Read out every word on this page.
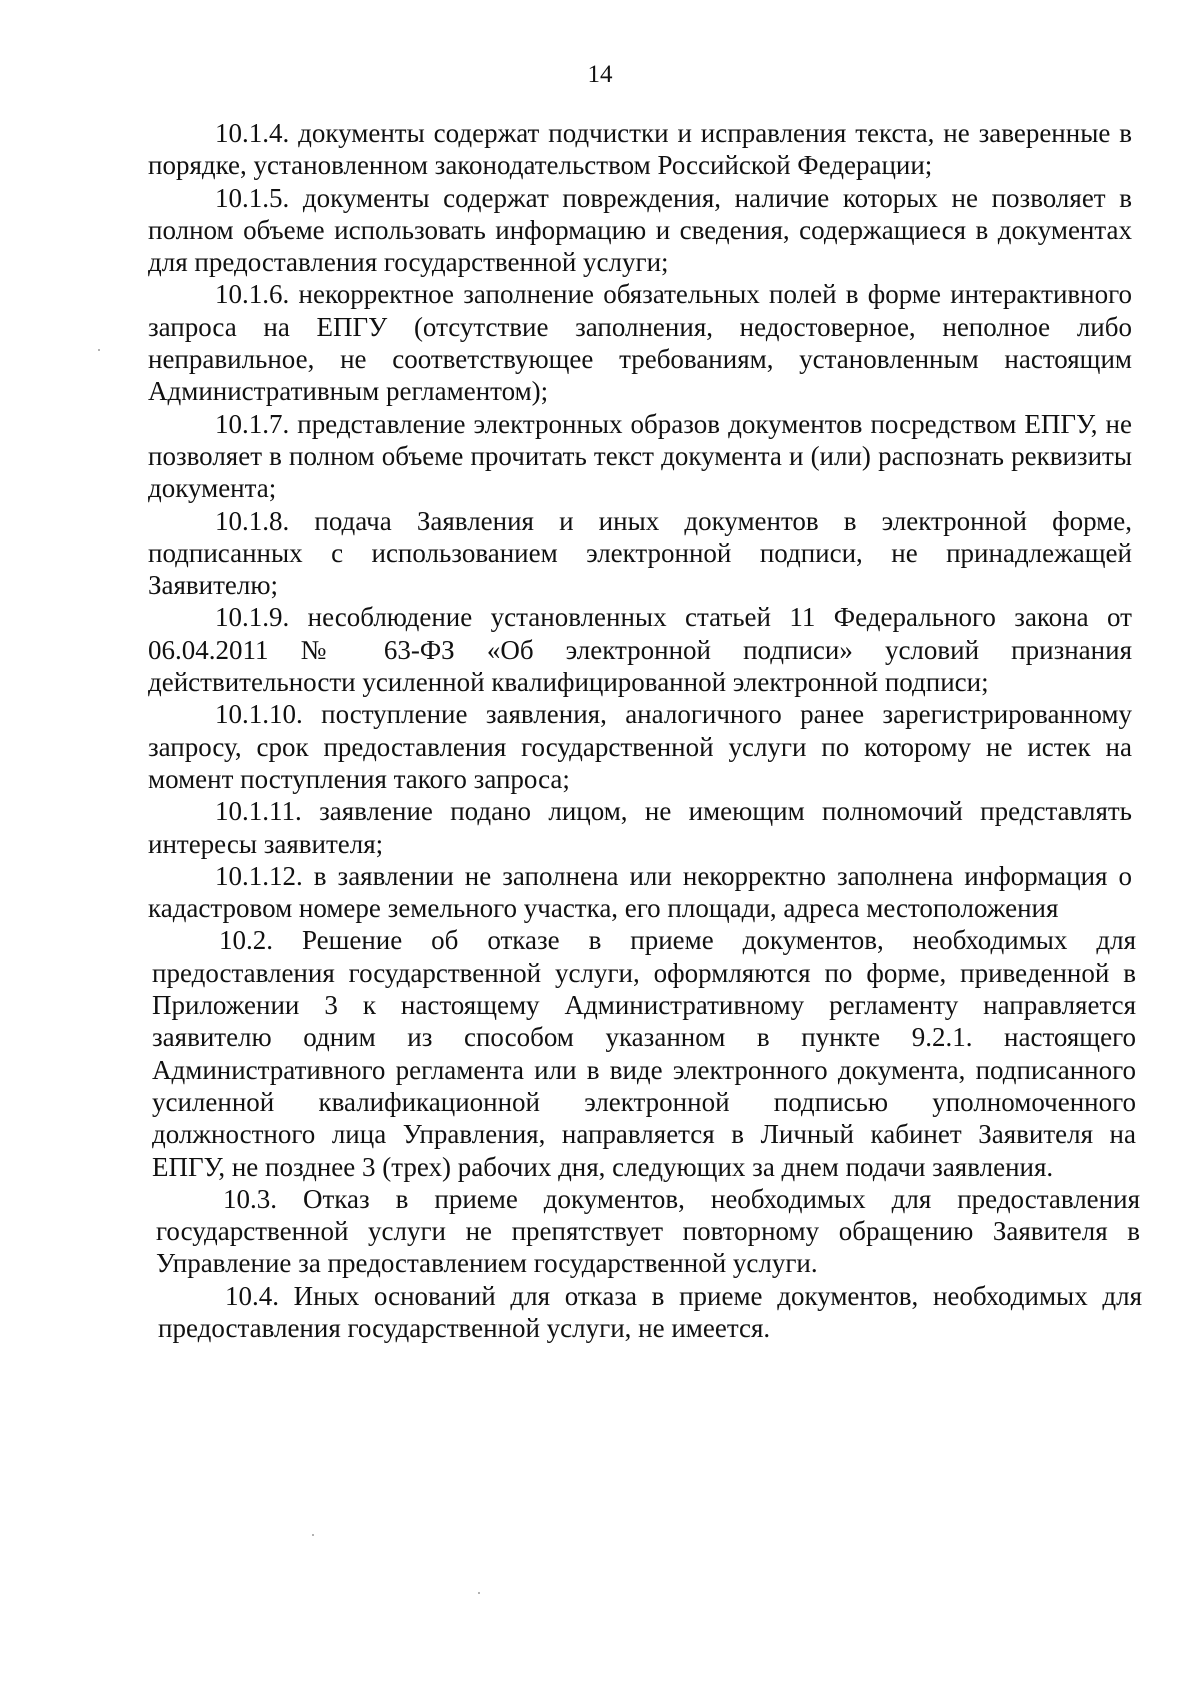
14

10.1.4. документы содержат подчистки и исправления текста, не заверенные в порядке, установленном законодательством Российской Федерации;

10.1.5. документы содержат повреждения, наличие которых не позволяет в полном объеме использовать информацию и сведения, содержащиеся в документах для предоставления государственной услуги;

10.1.6. некорректное заполнение обязательных полей в форме интерактивного запроса на ЕПГУ (отсутствие заполнения, недостоверное, неполное либо неправильное, не соответствующее требованиям, установленным настоящим Административным регламентом);

10.1.7. представление электронных образов документов посредством ЕПГУ, не позволяет в полном объеме прочитать текст документа и (или) распознать реквизиты документа;

10.1.8. подача Заявления и иных документов в электронной форме, подписанных с использованием электронной подписи, не принадлежащей Заявителю;

10.1.9. несоблюдение установленных статьей 11 Федерального закона от 06.04.2011 № 63-ФЗ «Об электронной подписи» условий признания действительности усиленной квалифицированной электронной подписи;

10.1.10. поступление заявления, аналогичного ранее зарегистрированному запросу, срок предоставления государственной услуги по которому не истек на момент поступления такого запроса;

10.1.11. заявление подано лицом, не имеющим полномочий представлять интересы заявителя;

10.1.12. в заявлении не заполнена или некорректно заполнена информация о кадастровом номере земельного участка, его площади, адреса местоположения

10.2. Решение об отказе в приеме документов, необходимых для предоставления государственной услуги, оформляются по форме, приведенной в Приложении 3 к настоящему Административному регламенту направляется заявителю одним из способом указанном в пункте 9.2.1. настоящего Административного регламента или в виде электронного документа, подписанного усиленной квалификационной электронной подписью уполномоченного должностного лица Управления, направляется в Личный кабинет Заявителя на ЕПГУ, не позднее 3 (трех) рабочих дня, следующих за днем подачи заявления.

10.3. Отказ в приеме документов, необходимых для предоставления государственной услуги не препятствует повторному обращению Заявителя в Управление за предоставлением государственной услуги.

10.4. Иных оснований для отказа в приеме документов, необходимых для предоставления государственной услуги, не имеется.
